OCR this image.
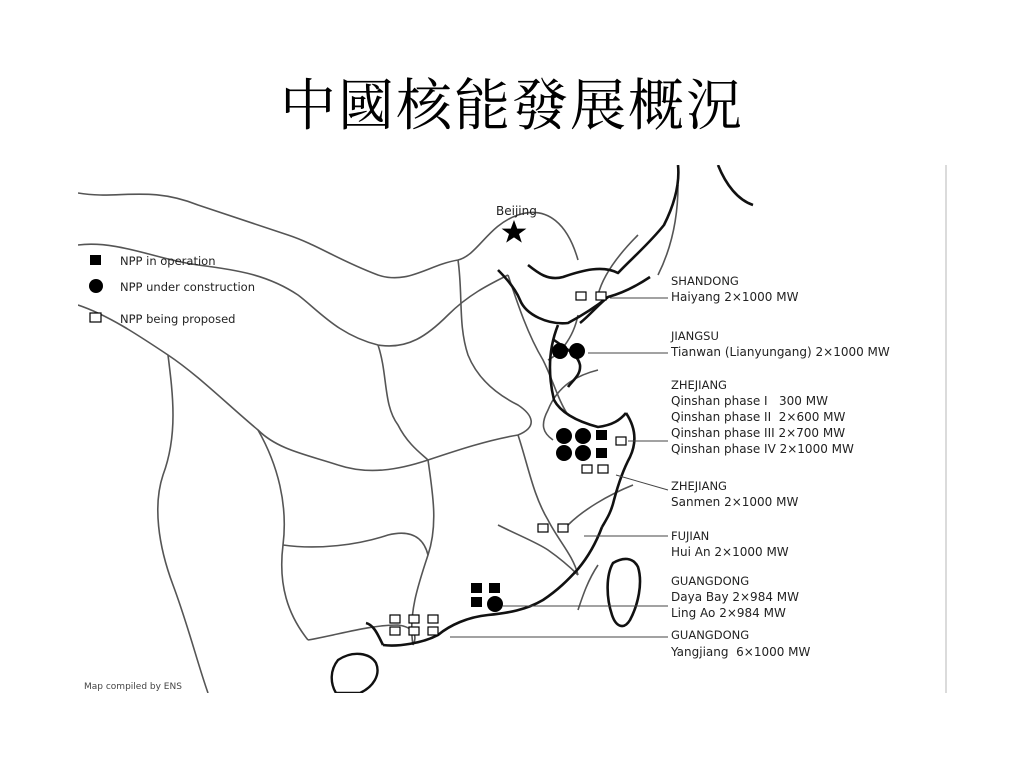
中國核能發展概況
Beijing
NPP in operation
NPP under construction
NPP being proposed
SHANDONG
Haiyang 2×1000 MW
JIANGSU
Tianwan (Lianyungang) 2×1000 MW
ZHEJIANG
Qinshan phase I   300 MW
Qinshan phase II  2×600 MW
Qinshan phase III 2×700 MW
Qinshan phase IV 2×1000 MW
ZHEJIANG
Sanmen 2×1000 MW
FUJIAN
Hui An 2×1000 MW
GUANGDONG
Daya Bay 2×984 MW
Ling Ao 2×984 MW
GUANGDONG
Yangjiang  6×1000 MW
Map compiled by ENS
